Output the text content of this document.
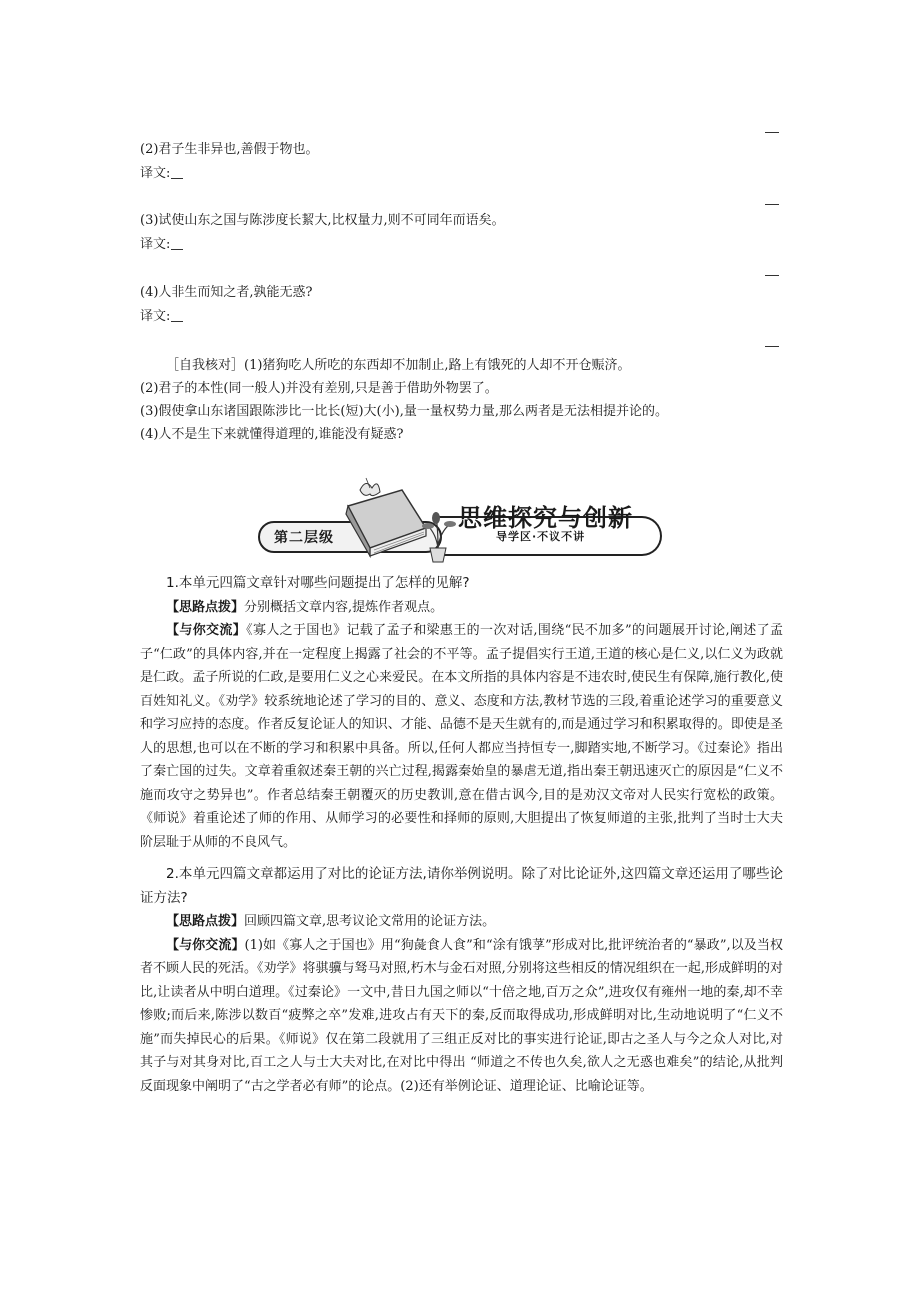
(2)君子生非异也,善假于物也。
译文:
(3)试使山东之国与陈涉度长絜大,比权量力,则不可同年而语矣。
译文:
(4)人非生而知之者,孰能无惑?
译文:
［自我核对］(1)猪狗吃人所吃的东西却不加制止,路上有饿死的人却不开仓赈济。
(2)君子的本性(同一般人)并没有差别,只是善于借助外物罢了。
(3)假使拿山东诸国跟陈涉比一比长(短)大(小),量一量权势力量,那么两者是无法相提并论的。
(4)人不是生下来就懂得道理的,谁能没有疑惑?
第二层级
思维探究与创新
导学区·不议不讲

1.本单元四篇文章针对哪些问题提出了怎样的见解?

【思路点拨】分别概括文章内容,提炼作者观点。

【与你交流】《寡人之于国也》记载了孟子和梁惠王的一次对话,围绕“民不加多”的问题展开讨论,阐述了孟子“仁政”的具体内容,并在一定程度上揭露了社会的不平等。孟子提倡实行王道,王道的核心是仁义,以仁义为政就是仁政。孟子所说的仁政,是要用仁义之心来爱民。在本文所指的具体内容是不违农时,使民生有保障,施行教化,使百姓知礼义。《劝学》较系统地论述了学习的目的、意义、态度和方法,教材节选的三段,着重论述学习的重要意义和学习应持的态度。作者反复论证人的知识、才能、品德不是天生就有的,而是通过学习和积累取得的。即使是圣人的思想,也可以在不断的学习和积累中具备。所以,任何人都应当持恒专一,脚踏实地,不断学习。《过秦论》指出了秦亡国的过失。文章着重叙述秦王朝的兴亡过程,揭露秦始皇的暴虐无道,指出秦王朝迅速灭亡的原因是“仁义不施而攻守之势异也”。作者总结秦王朝覆灭的历史教训,意在借古讽今,目的是劝汉文帝对人民实行宽松的政策。《师说》着重论述了师的作用、从师学习的必要性和择师的原则,大胆提出了恢复师道的主张,批判了当时士大夫阶层耻于从师的不良风气。

2.本单元四篇文章都运用了对比的论证方法,请你举例说明。除了对比论证外,这四篇文章还运用了哪些论证方法?

【思路点拨】回顾四篇文章,思考议论文常用的论证方法。

【与你交流】(1)如《寡人之于国也》用“狗彘食人食”和“涂有饿莩”形成对比,批评统治者的“暴政”,以及当权者不顾人民的死活。《劝学》将骐骥与驽马对照,朽木与金石对照,分别将这些相反的情况组织在一起,形成鲜明的对比,让读者从中明白道理。《过秦论》一文中,昔日九国之师以“十倍之地,百万之众”,进攻仅有雍州一地的秦,却不幸惨败;而后来,陈涉以数百“疲弊之卒”发难,进攻占有天下的秦,反而取得成功,形成鲜明对比,生动地说明了“仁义不施”而失掉民心的后果。《师说》仅在第二段就用了三组正反对比的事实进行论证,即古之圣人与今之众人对比,对其子与对其身对比,百工之人与士大夫对比,在对比中得出 “师道之不传也久矣,欲人之无惑也难矣”的结论,从批判反面现象中阐明了“古之学者必有师”的论点。(2)还有举例论证、道理论证、比喻论证等。
